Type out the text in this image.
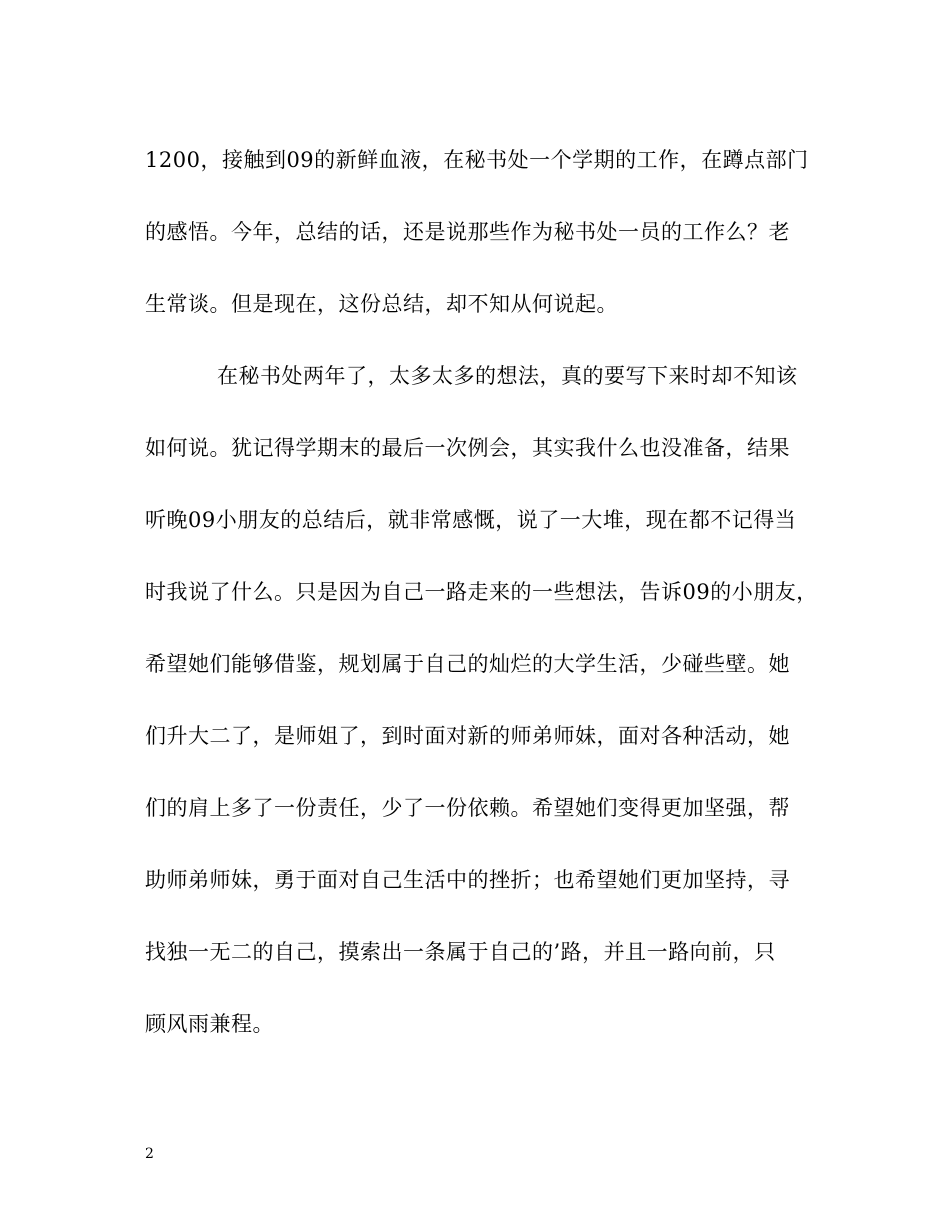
1200，接触到09的新鲜血液，在秘书处一个学期的工作，在蹲点部门
的感悟。今年，总结的话，还是说那些作为秘书处一员的工作么？老
生常谈。但是现在，这份总结，却不知从何说起。
在秘书处两年了，太多太多的想法，真的要写下来时却不知该
如何说。犹记得学期末的最后一次例会，其实我什么也没准备，结果
听晚09小朋友的总结后，就非常感慨，说了一大堆，现在都不记得当
时我说了什么。只是因为自己一路走来的一些想法，告诉09的小朋友，
希望她们能够借鉴，规划属于自己的灿烂的大学生活，少碰些壁。她
们升大二了，是师姐了，到时面对新的师弟师妹，面对各种活动，她
们的肩上多了一份责任，少了一份依赖。希望她们变得更加坚强，帮
助师弟师妹，勇于面对自己生活中的挫折；也希望她们更加坚持，寻
找独一无二的自己，摸索出一条属于自己的’路，并且一路向前，只
顾风雨兼程。
2
